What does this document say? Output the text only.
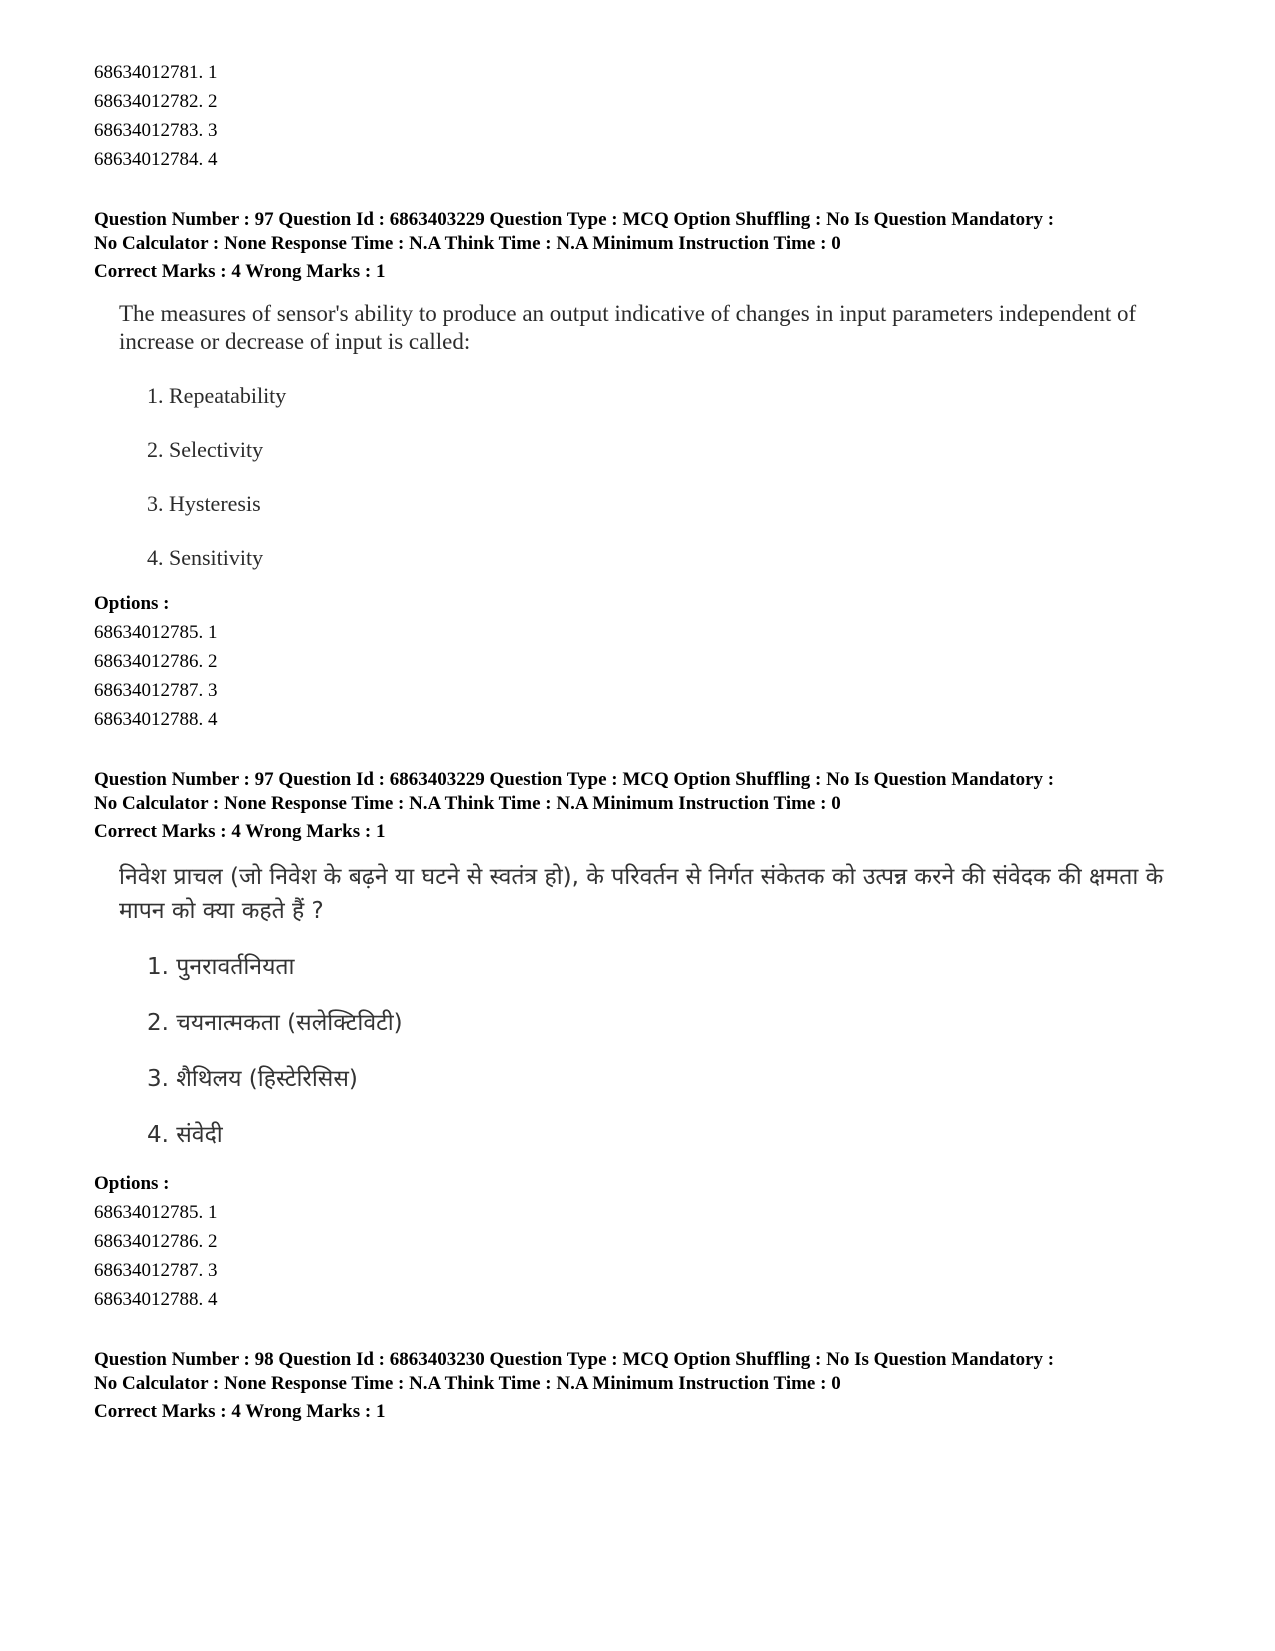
68634012781. 1
68634012782. 2
68634012783. 3
68634012784. 4
Question Number : 97 Question Id : 6863403229 Question Type : MCQ Option Shuffling : No Is Question Mandatory :
No Calculator : None Response Time : N.A Think Time : N.A Minimum Instruction Time : 0
Correct Marks : 4 Wrong Marks : 1
The measures of sensor's ability to produce an output indicative of changes in input parameters independent of increase or decrease of input is called:
1. Repeatability
2. Selectivity
3. Hysteresis
4. Sensitivity
Options :
68634012785. 1
68634012786. 2
68634012787. 3
68634012788. 4
Question Number : 97 Question Id : 6863403229 Question Type : MCQ Option Shuffling : No Is Question Mandatory :
No Calculator : None Response Time : N.A Think Time : N.A Minimum Instruction Time : 0
Correct Marks : 4 Wrong Marks : 1
निवेश प्राचल (जो निवेश के बढ़ने या घटने से स्वतंत्र हो), के परिवर्तन से निर्गत संकेतक को उत्पन्न करने की संवेदक की क्षमता के मापन को क्या कहते हैं ?
1. पुनरावर्तनियता
2. चयनात्मकता (सलेक्टिविटी)
3. शैथिलय (हिस्टेरिसिस)
4. संवेदी
Options :
68634012785. 1
68634012786. 2
68634012787. 3
68634012788. 4
Question Number : 98 Question Id : 6863403230 Question Type : MCQ Option Shuffling : No Is Question Mandatory :
No Calculator : None Response Time : N.A Think Time : N.A Minimum Instruction Time : 0
Correct Marks : 4 Wrong Marks : 1
